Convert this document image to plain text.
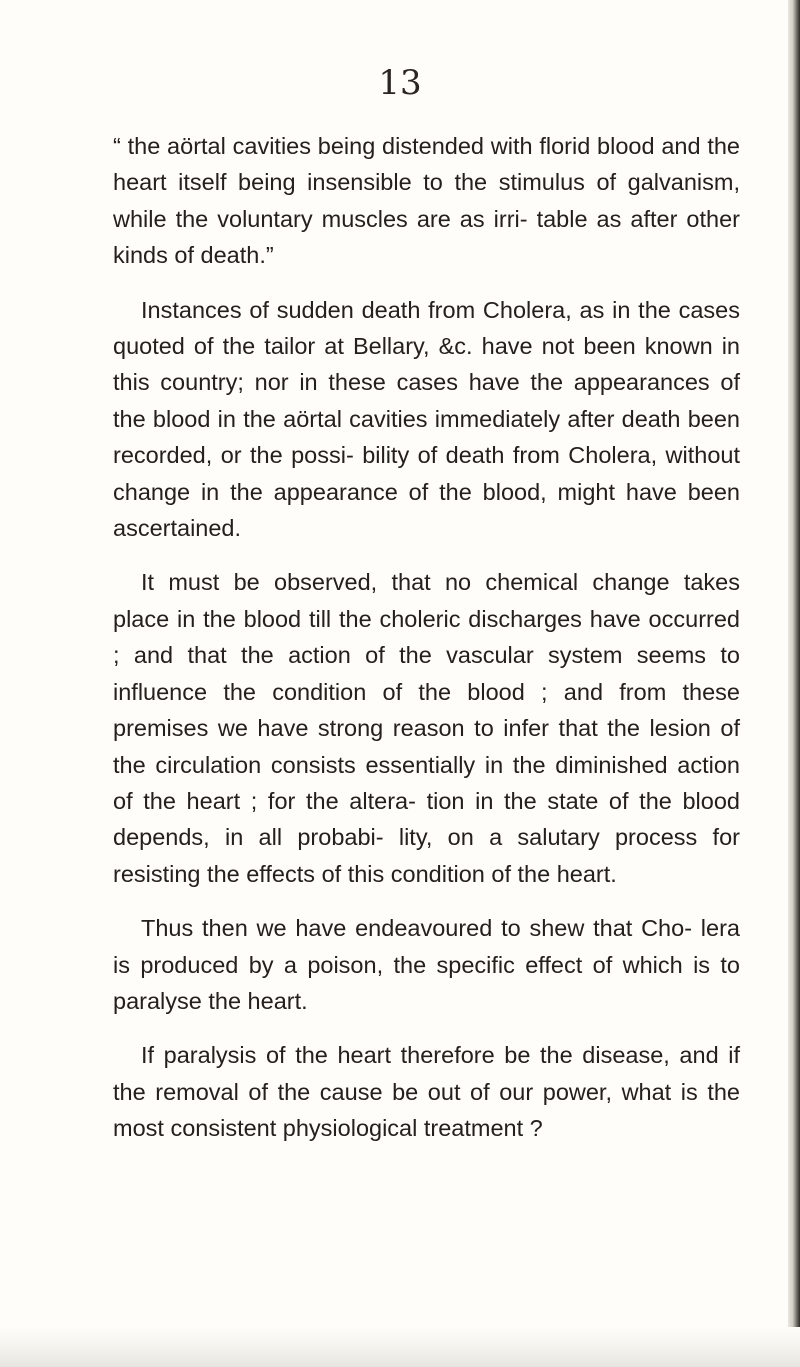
13

“ the aörtal cavities being distended with florid blood and the heart itself being insensible to the stimulus of galvanism, while the voluntary muscles are as irri- table as after other kinds of death.”

Instances of sudden death from Cholera, as in the cases quoted of the tailor at Bellary, &c. have not been known in this country; nor in these cases have the appearances of the blood in the aörtal cavities immediately after death been recorded, or the possi- bility of death from Cholera, without change in the appearance of the blood, might have been ascertained.

It must be observed, that no chemical change takes place in the blood till the choleric discharges have occurred ; and that the action of the vascular system seems to influence the condition of the blood ; and from these premises we have strong reason to infer that the lesion of the circulation consists essentially in the diminished action of the heart ; for the altera- tion in the state of the blood depends, in all probabi- lity, on a salutary process for resisting the effects of this condition of the heart.

Thus then we have endeavoured to shew that Cho- lera is produced by a poison, the specific effect of which is to paralyse the heart.

If paralysis of the heart therefore be the disease, and if the removal of the cause be out of our power, what is the most consistent physiological treatment ?
